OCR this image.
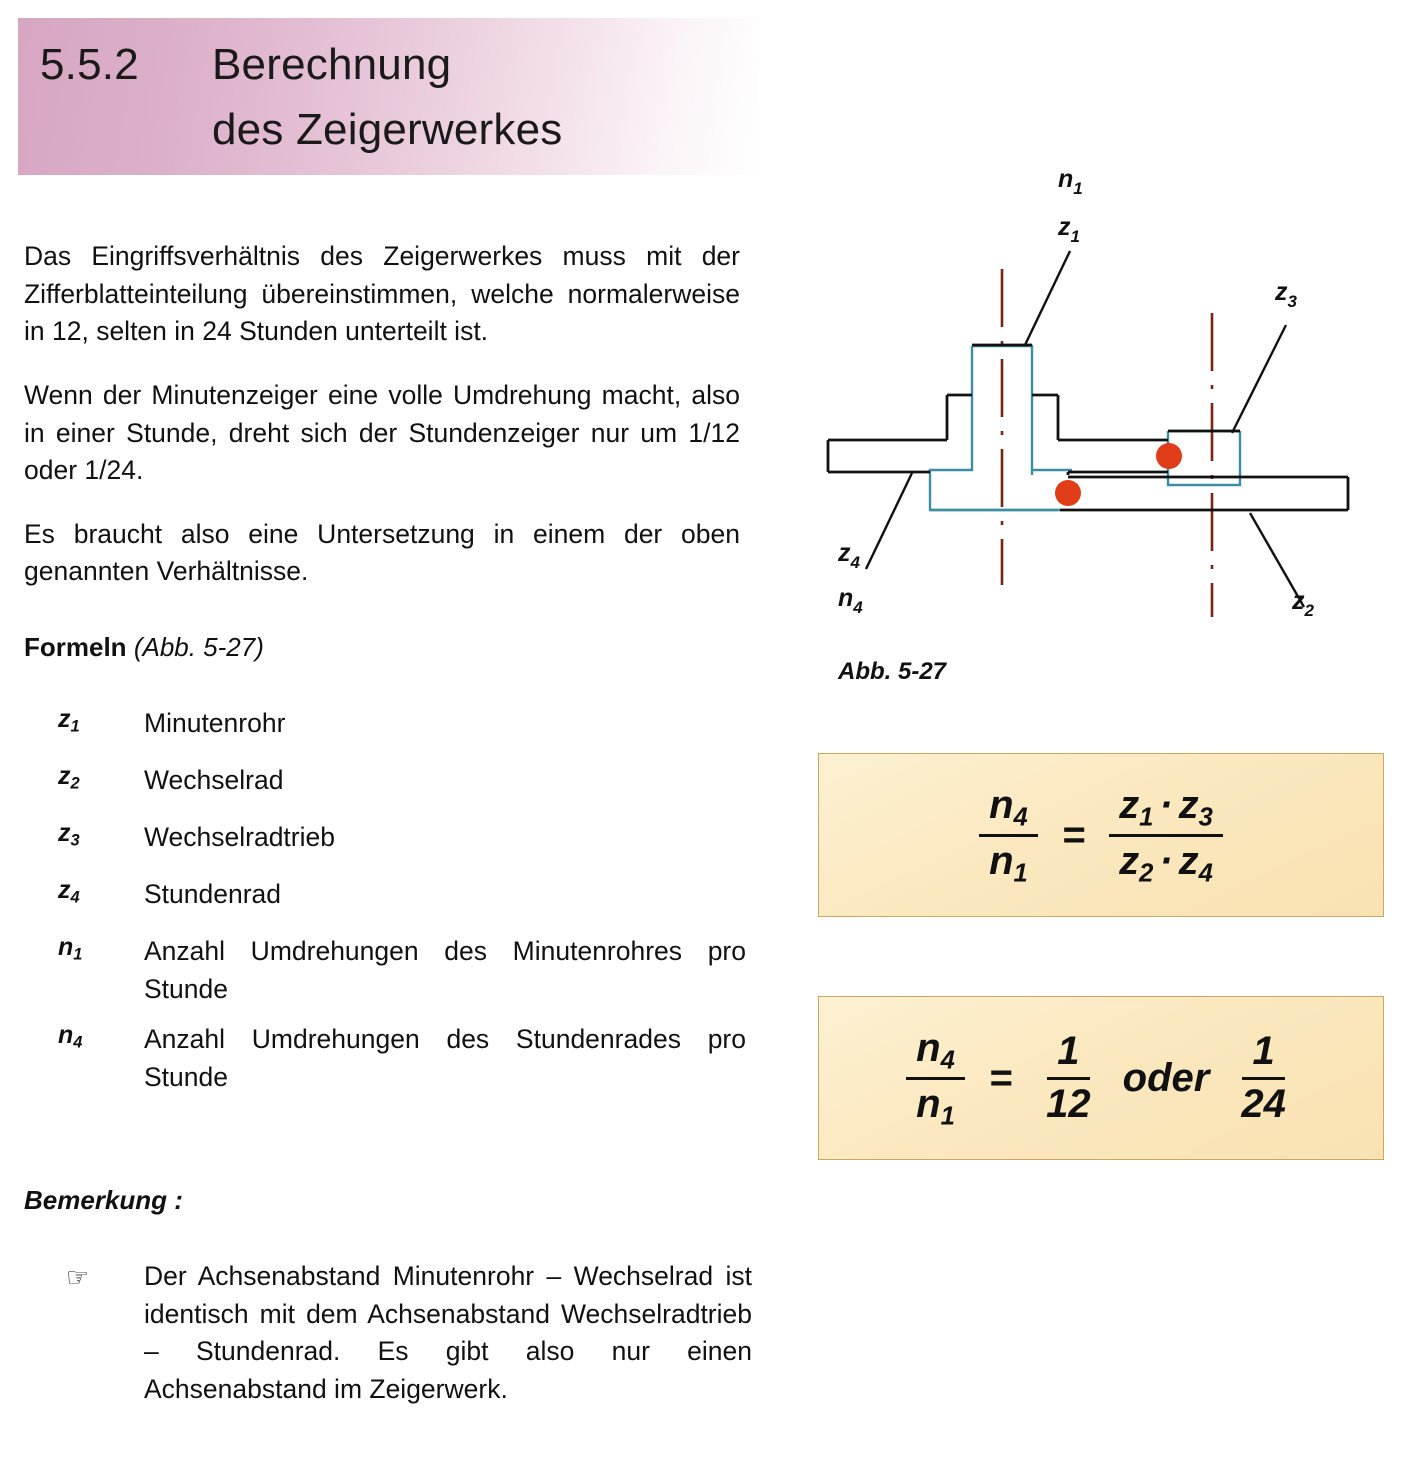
5.5.2 Berechnung
des Zeigerwerkes

Das Eingriffsverhältnis des Zeigerwerkes muss mit der Zifferblatteinteilung übereinstimmen, welche normalerweise in 12, selten in 24 Stunden unterteilt ist.

Wenn der Minutenzeiger eine volle Umdrehung macht, also in einer Stunde, dreht sich der Stundenzeiger nur um 1/12 oder 1/24.

Es braucht also eine Untersetzung in einem der oben genannten Verhältnisse.

Formeln (Abb. 5-27)
$z_1$	Minutenrohr
$z_2$	Wechselrad
$z_3$	Wechselradtrieb
$z_4$	Stundenrad
$n_1$	Anzahl Umdrehungen des Minutenrohres pro Stunde
$n_4$	Anzahl Umdrehungen des Stundenrades pro Stunde
Bemerkung :
☞ Der Achsenabstand Minutenrohr – Wechselrad ist identisch mit dem Achsenabstand Wechselradtrieb – Stundenrad. Es gibt also nur einen Achsenabstand im Zeigerwerk.
$n_1$
$z_1$
$z_3$
$z_4$
$n_4$	$z_2$
Abb. 5-27
$\frac{n_4}{n_1} = \frac{z_1 \cdot z_3}{z_2 \cdot z_4}$
$\frac{n_4}{n_1} = \frac{1}{12}$ oder $\frac{1}{24}$
